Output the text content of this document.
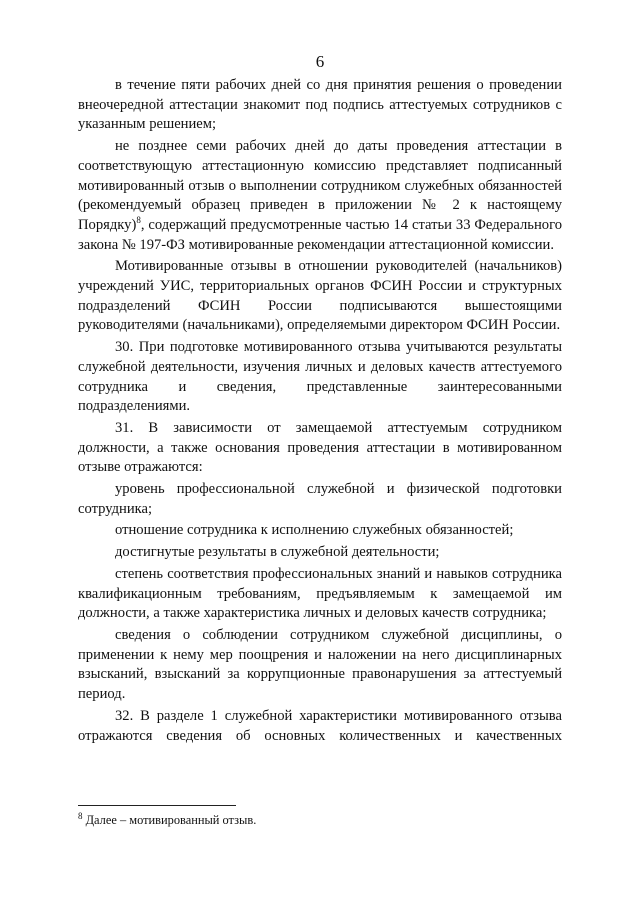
6

в течение пяти рабочих дней со дня принятия решения о проведении внеочередной аттестации знакомит под подпись аттестуемых сотрудников с указанным решением;

не позднее семи рабочих дней до даты проведения аттестации в соответствующую аттестационную комиссию представляет подписанный мотивированный отзыв о выполнении сотрудником служебных обязанностей (рекомендуемый образец приведен в приложении № 2 к настоящему Порядку)$^8$, содержащий предусмотренные частью 14 статьи 33 Федерального закона № 197-ФЗ мотивированные рекомендации аттестационной комиссии.

Мотивированные отзывы в отношении руководителей (начальников) учреждений УИС, территориальных органов ФСИН России и структурных подразделений ФСИН России подписываются вышестоящими руководителями (начальниками), определяемыми директором ФСИН России.

30. При подготовке мотивированного отзыва учитываются результаты служебной деятельности, изучения личных и деловых качеств аттестуемого сотрудника и сведения, представленные заинтересованными подразделениями.

31. В зависимости от замещаемой аттестуемым сотрудником должности, а также основания проведения аттестации в мотивированном отзыве отражаются:

уровень профессиональной служебной и физической подготовки сотрудника;

отношение сотрудника к исполнению служебных обязанностей;

достигнутые результаты в служебной деятельности;

степень соответствия профессиональных знаний и навыков сотрудника квалификационным требованиям, предъявляемым к замещаемой им должности, а также характеристика личных и деловых качеств сотрудника;

сведения о соблюдении сотрудником служебной дисциплины, о применении к нему мер поощрения и наложении на него дисциплинарных взысканий, взысканий за коррупционные правонарушения за аттестуемый период.

32. В разделе 1 служебной характеристики мотивированного отзыва отражаются сведения об основных количественных и качественных

$^8$ Далее – мотивированный отзыв.
